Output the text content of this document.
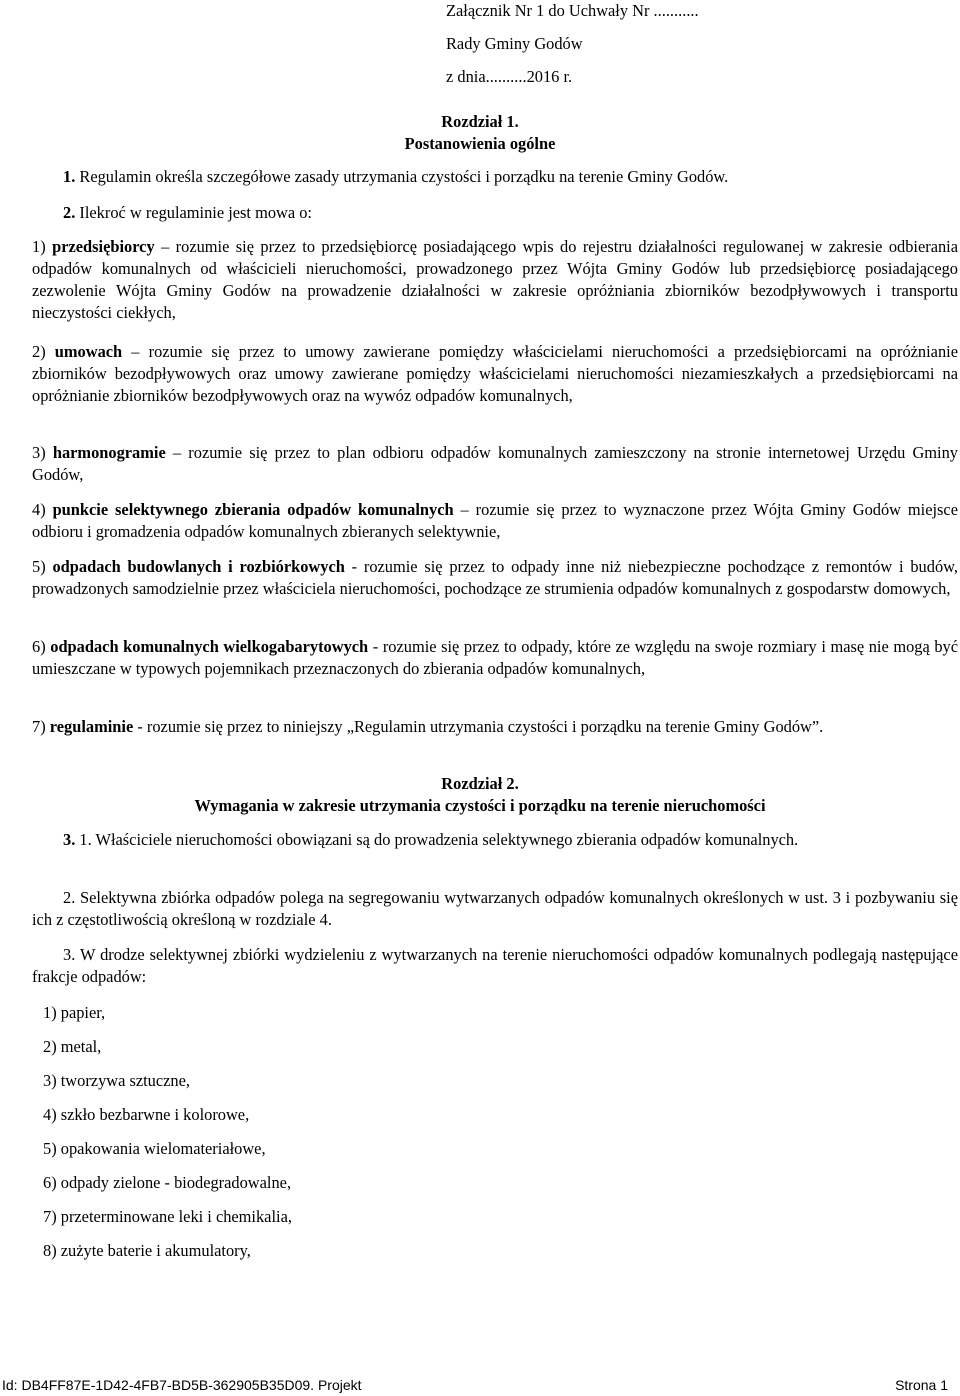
Załącznik Nr 1 do Uchwały Nr ...........
Rady Gminy Godów
z dnia..........2016 r.
Rozdział 1.
Postanowienia ogólne
1. Regulamin określa szczegółowe zasady utrzymania czystości i porządku na terenie Gminy Godów.
2. Ilekroć w regulaminie jest mowa o:
1) przedsiębiorcy – rozumie się przez to przedsiębiorcę posiadającego wpis do rejestru działalności regulowanej w zakresie odbierania odpadów komunalnych od właścicieli nieruchomości, prowadzonego przez Wójta Gminy Godów lub przedsiębiorcę posiadającego zezwolenie Wójta Gminy Godów na prowadzenie działalności w zakresie opróżniania zbiorników bezodpływowych i transportu nieczystości ciekłych,
2) umowach – rozumie się przez to umowy zawierane pomiędzy właścicielami nieruchomości a przedsiębiorcami na opróżnianie zbiorników bezodpływowych oraz umowy zawierane pomiędzy właścicielami nieruchomości niezamieszkałych a przedsiębiorcami na opróżnianie zbiorników bezodpływowych oraz na wywóz odpadów komunalnych,
3) harmonogramie – rozumie się przez to plan odbioru odpadów komunalnych zamieszczony na stronie internetowej Urzędu Gminy Godów,
4) punkcie selektywnego zbierania odpadów komunalnych – rozumie się przez to wyznaczone przez Wójta Gminy Godów miejsce odbioru i gromadzenia odpadów komunalnych zbieranych selektywnie,
5) odpadach budowlanych i rozbiórkowych - rozumie się przez to odpady inne niż niebezpieczne pochodzące z remontów i budów, prowadzonych samodzielnie przez właściciela nieruchomości, pochodzące ze strumienia odpadów komunalnych z gospodarstw domowych,
6) odpadach komunalnych wielkogabarytowych - rozumie się przez to odpady, które ze względu na swoje rozmiary i masę nie mogą być umieszczane w typowych pojemnikach przeznaczonych do zbierania odpadów komunalnych,
7) regulaminie - rozumie się przez to niniejszy „Regulamin utrzymania czystości i porządku na terenie Gminy Godów”.
Rozdział 2.
Wymagania w zakresie utrzymania czystości i porządku na terenie nieruchomości
3. 1. Właściciele nieruchomości obowiązani są do prowadzenia selektywnego zbierania odpadów komunalnych.
2. Selektywna zbiórka odpadów polega na segregowaniu wytwarzanych odpadów komunalnych określonych w ust. 3 i pozbywaniu się ich z częstotliwością określoną w rozdziale 4.
3. W drodze selektywnej zbiórki wydzieleniu z wytwarzanych na terenie nieruchomości odpadów komunalnych podlegają następujące frakcje odpadów:
1) papier,
2) metal,
3) tworzywa sztuczne,
4) szkło bezbarwne i kolorowe,
5) opakowania wielomateriałowe,
6) odpady zielone - biodegradowalne,
7) przeterminowane leki i chemikalia,
8) zużyte baterie i akumulatory,
Id: DB4FF87E-1D42-4FB7-BD5B-362905B35D09. Projekt	Strona 1
